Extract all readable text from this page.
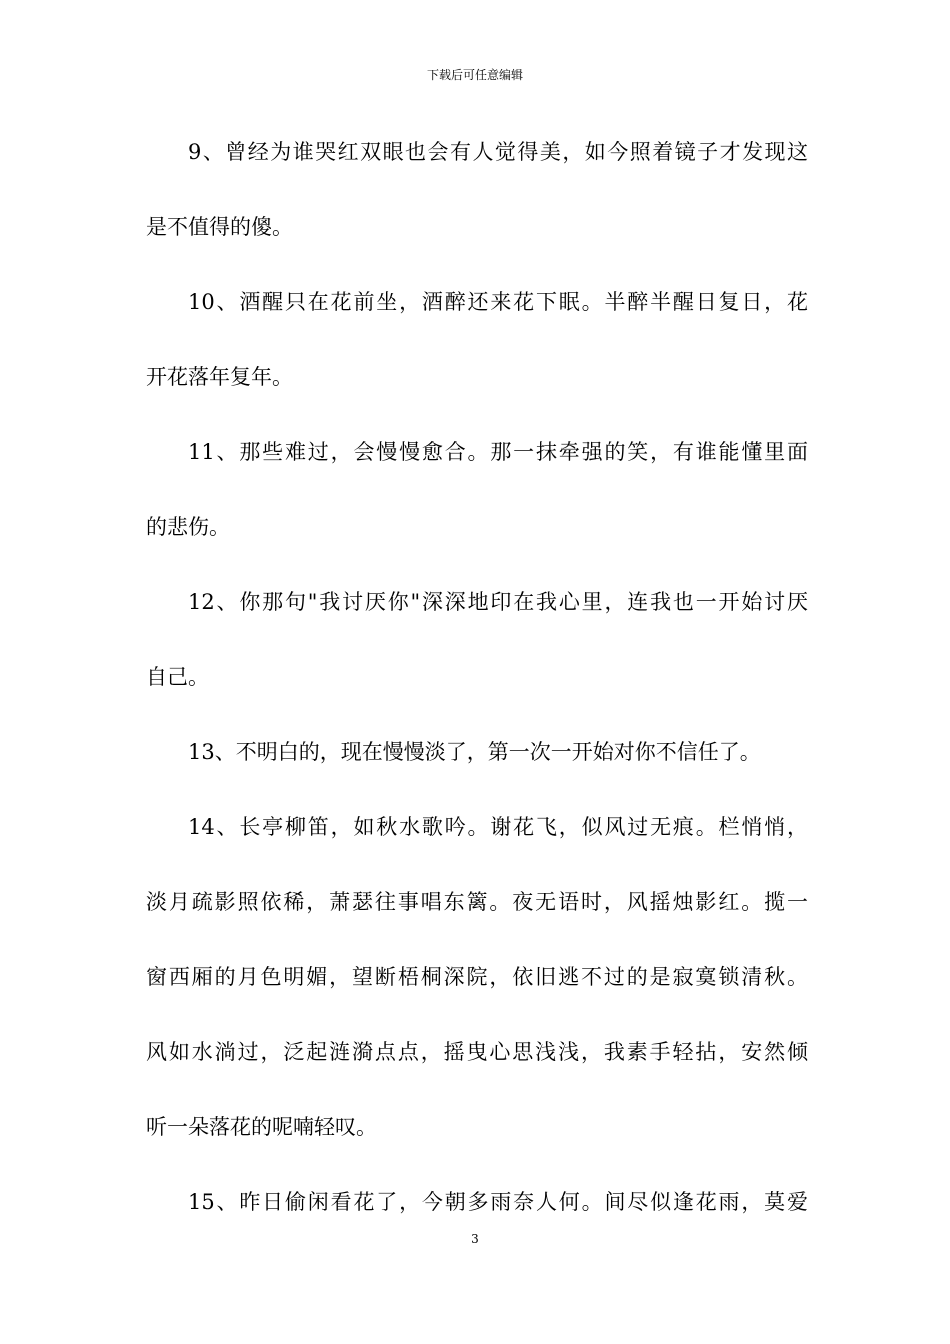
下载后可任意编辑
9、曾经为谁哭红双眼也会有人觉得美，如今照着镜子才发现这
是不值得的傻。
10、酒醒只在花前坐，酒醉还来花下眠。半醉半醒日复日，花
开花落年复年。
11、那些难过，会慢慢愈合。那一抹牵强的笑，有谁能懂里面
的悲伤。
12、你那句"我讨厌你"深深地印在我心里，连我也一开始讨厌
自己。
13、不明白的，现在慢慢淡了，第一次一开始对你不信任了。
14、长亭柳笛，如秋水歌吟。谢花飞，似风过无痕。栏悄悄，
淡月疏影照依稀，萧瑟往事唱东篱。夜无语时，风摇烛影红。揽一
窗西厢的月色明媚，望断梧桐深院，依旧逃不过的是寂寞锁清秋。
风如水淌过，泛起涟漪点点，摇曳心思浅浅，我素手轻拈，安然倾
听一朵落花的呢喃轻叹。
15、昨日偷闲看花了，今朝多雨奈人何。间尽似逢花雨，莫爱
3
